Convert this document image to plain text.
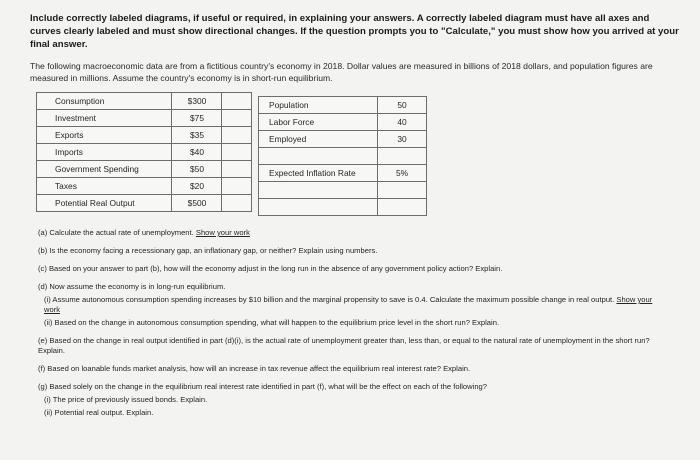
Include correctly labeled diagrams, if useful or required, in explaining your answers. A correctly labeled diagram must have all axes and curves clearly labeled and must show directional changes. If the question prompts you to "Calculate," you must show how you arrived at your final answer.
The following macroeconomic data are from a fictitious country's economy in 2018. Dollar values are measured in billions of 2018 dollars, and population figures are measured in millions. Assume the country's economy is in short-run equilibrium.
Consumption	$300
Investment	$75
Exports	$35
Imports	$40
Government Spending	$50
Taxes	$20
Potential Real Output	$500

Population	50
Labor Force	40
Employed	30

Expected Inflation Rate	5%

(a) Calculate the actual rate of unemployment. Show your work
(b) Is the economy facing a recessionary gap, an inflationary gap, or neither? Explain using numbers.
(c) Based on your answer to part (b), how will the economy adjust in the long run in the absence of any government policy action? Explain.
(d) Now assume the economy is in long-run equilibrium.
(i) Assume autonomous consumption spending increases by $10 billion and the marginal propensity to save is 0.4. Calculate the maximum possible change in real output. Show your work
(ii) Based on the change in autonomous consumption spending, what will happen to the equilibrium price level in the short run? Explain.
(e) Based on the change in real output identified in part (d)(i), is the actual rate of unemployment greater than, less than, or equal to the natural rate of unemployment in the short run? Explain.
(f) Based on loanable funds market analysis, how will an increase in tax revenue affect the equilibrium real interest rate? Explain.
(g) Based solely on the change in the equilibrium real interest rate identified in part (f), what will be the effect on each of the following?
(i) The price of previously issued bonds. Explain.
(ii) Potential real output. Explain.
